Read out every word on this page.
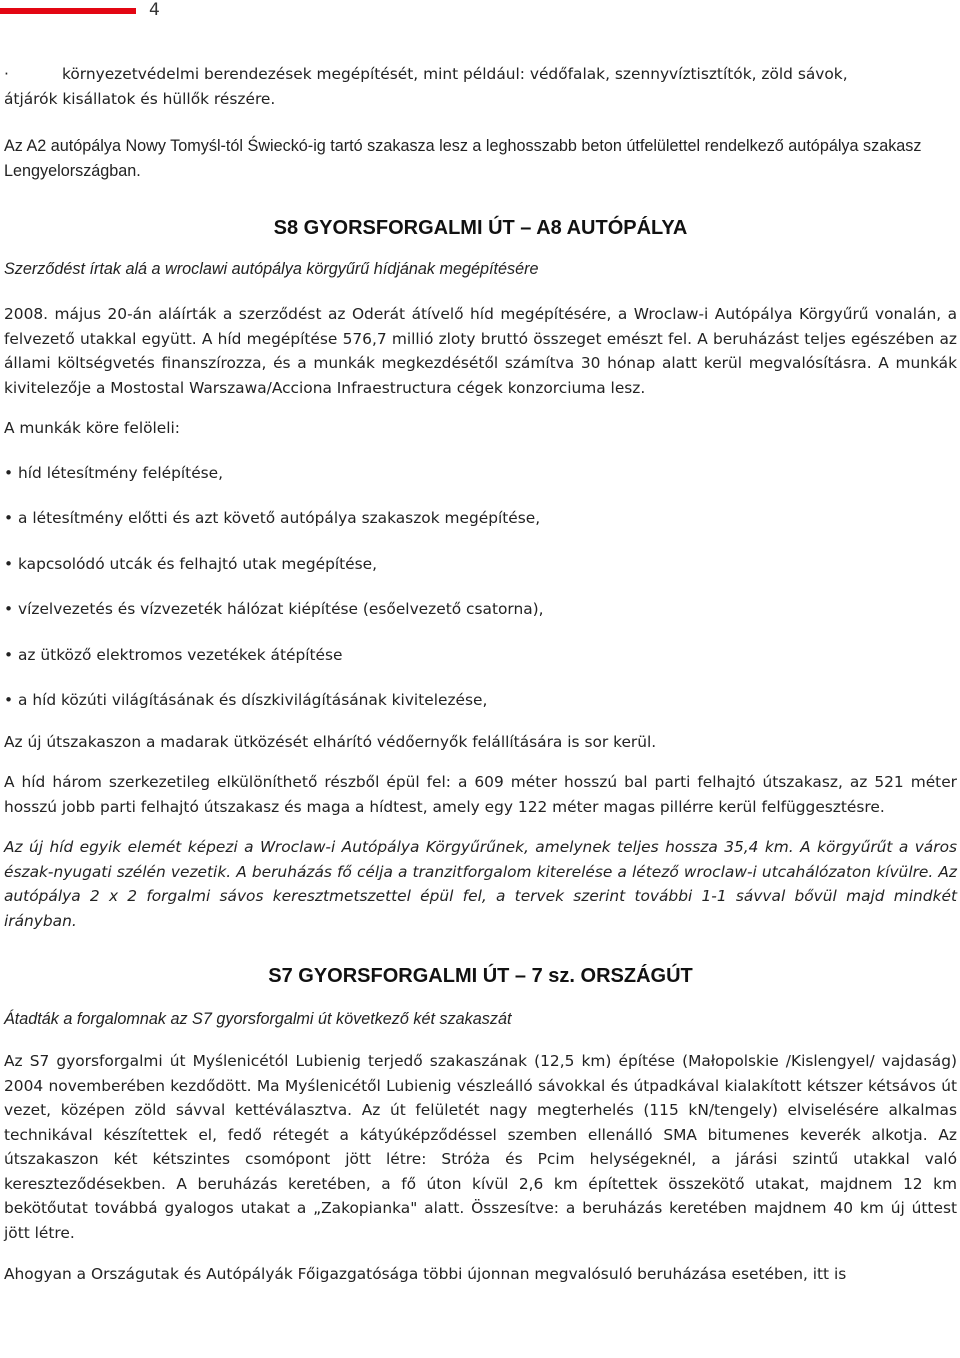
4
·	környezetvédelmi berendezések megépítését, mint például: védőfalak, szennyvíztisztítók, zöld sávok,

átjárók kisállatok és hüllők részére.

Az A2 autópálya Nowy Tomyśl-tól Świeckó-ig tartó szakasza lesz a leghosszabb beton útfelülettel rendelkező autópálya szakasz Lengyelországban.

S8 GYORSFORGALMI ÚT – A8 AUTÓPÁLYA

Szerződést írtak alá a wroclawi autópálya körgyűrű hídjának megépítésére

2008. május 20-án aláírták a szerződést az Oderát átívelő híd megépítésére, a Wroclaw-i Autópálya Körgyűrű vonalán, a felvezető utakkal együtt. A híd megépítése 576,7 millió zloty bruttó összeget emészt fel. A beruházást teljes egészében az állami költségvetés finanszírozza, és a munkák megkezdésétől számítva 30 hónap alatt kerül megvalósításra. A munkák kivitelezője a Mostostal Warszawa/Acciona Infraestructura cégek konzorciuma lesz.

A munkák köre felöleli:

• híd létesítmény felépítése,
• a létesítmény előtti és azt követő autópálya szakaszok megépítése,
• kapcsolódó utcák és felhajtó utak megépítése,
• vízelvezetés és vízvezeték hálózat kiépítése (esőelvezető csatorna),
• az ütköző elektromos vezetékek átépítése
• a híd közúti világításának és díszkivilágításának kivitelezése,

Az új útszakaszon a madarak ütközését elhárító védőernyők felállítására is sor kerül.

A híd három szerkezetileg elkülöníthető részből épül fel: a 609 méter hosszú bal parti felhajtó útszakasz, az 521 méter hosszú jobb parti felhajtó útszakasz és maga a hídtest, amely egy 122 méter magas pillérre kerül felfüggesztésre.

Az új híd egyik elemét képezi a Wroclaw-i Autópálya Körgyűrűnek, amelynek teljes hossza 35,4 km. A körgyűrűt a város észak-nyugati szélén vezetik. A beruházás fő célja a tranzitforgalom kiterelése a létező wroclaw-i utcahálózaton kívülre. Az autópálya 2 x 2 forgalmi sávos keresztmetszettel épül fel, a tervek szerint további 1-1 sávval bővül majd mindkét irányban.

S7 GYORSFORGALMI ÚT – 7 sz. ORSZÁGÚT

Átadták a forgalomnak az S7 gyorsforgalmi út következő két szakaszát

Az S7 gyorsforgalmi út Myślenicétól Lubienig terjedő szakaszának (12,5 km) építése (Małopolskie /Kislengyel/ vajdaság) 2004 novemberében kezdődött. Ma Myślenicétől Lubienig vészleálló sávokkal és útpadkával kialakított kétszer kétsávos út vezet, középen zöld sávval kettéválasztva. Az út felületét nagy megterhelés (115 kN/tengely) elviselésére alkalmas technikával készítettek el, fedő rétegét a kátyúképződéssel szemben ellenálló SMA bitumenes keverék alkotja. Az útszakaszon két kétszintes csomópont jött létre: Stróża és Pcim helységeknél, a járási szintű utakkal való kereszteződésekben. A beruházás keretében, a fő úton kívül 2,6 km építettek összekötő utakat, majdnem 12 km bekötőutat továbbá gyalogos utakat a „Zakopianka" alatt. Összesítve: a beruházás keretében majdnem 40 km új úttest jött létre.

Ahogyan a Országutak és Autópályák Főigazgatósága többi újonnan megvalósuló beruházása esetében, itt is
